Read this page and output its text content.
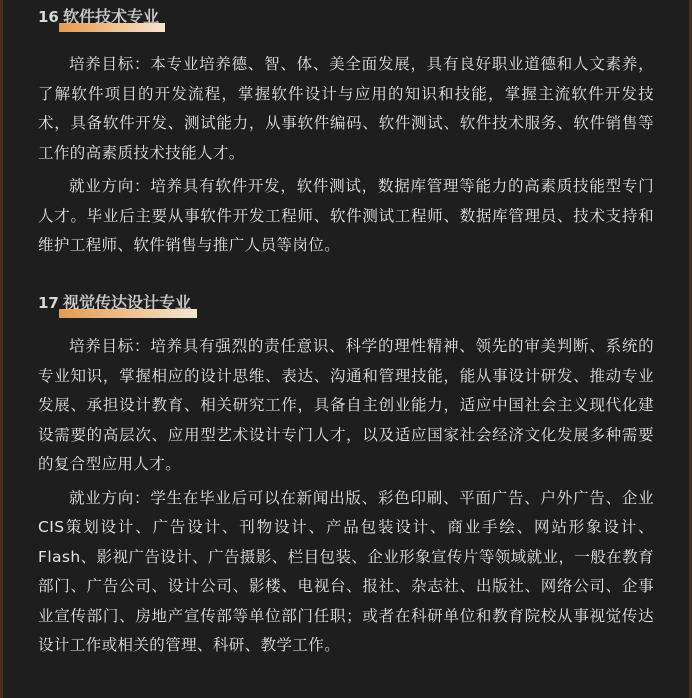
16 软件技术专业

培养目标：本专业培养德、智、体、美全面发展，具有良好职业道德和人文素养，了解软件项目的开发流程，掌握软件设计与应用的知识和技能，掌握主流软件开发技术，具备软件开发、测试能力，从事软件编码、软件测试、软件技术服务、软件销售等工作的高素质技术技能人才。

就业方向：培养具有软件开发，软件测试，数据库管理等能力的高素质技能型专门人才。毕业后主要从事软件开发工程师、软件测试工程师、数据库管理员、技术支持和维护工程师、软件销售与推广人员等岗位。

17 视觉传达设计专业

培养目标：培养具有强烈的责任意识、科学的理性精神、领先的审美判断、系统的专业知识，掌握相应的设计思维、表达、沟通和管理技能，能从事设计研发、推动专业发展、承担设计教育、相关研究工作，具备自主创业能力，适应中国社会主义现代化建设需要的高层次、应用型艺术设计专门人才，以及适应国家社会经济文化发展多种需要的复合型应用人才。

就业方向：学生在毕业后可以在新闻出版、彩色印刷、平面广告、户外广告、企业CIS策划设计、广告设计、刊物设计、产品包装设计、商业手绘、网站形象设计、Flash、影视广告设计、广告摄影、栏目包装、企业形象宣传片等领域就业，一般在教育部门、广告公司、设计公司、影楼、电视台、报社、杂志社、出版社、网络公司、企事业宣传部门、房地产宣传部等单位部门任职；或者在科研单位和教育院校从事视觉传达设计工作或相关的管理、科研、教学工作。
